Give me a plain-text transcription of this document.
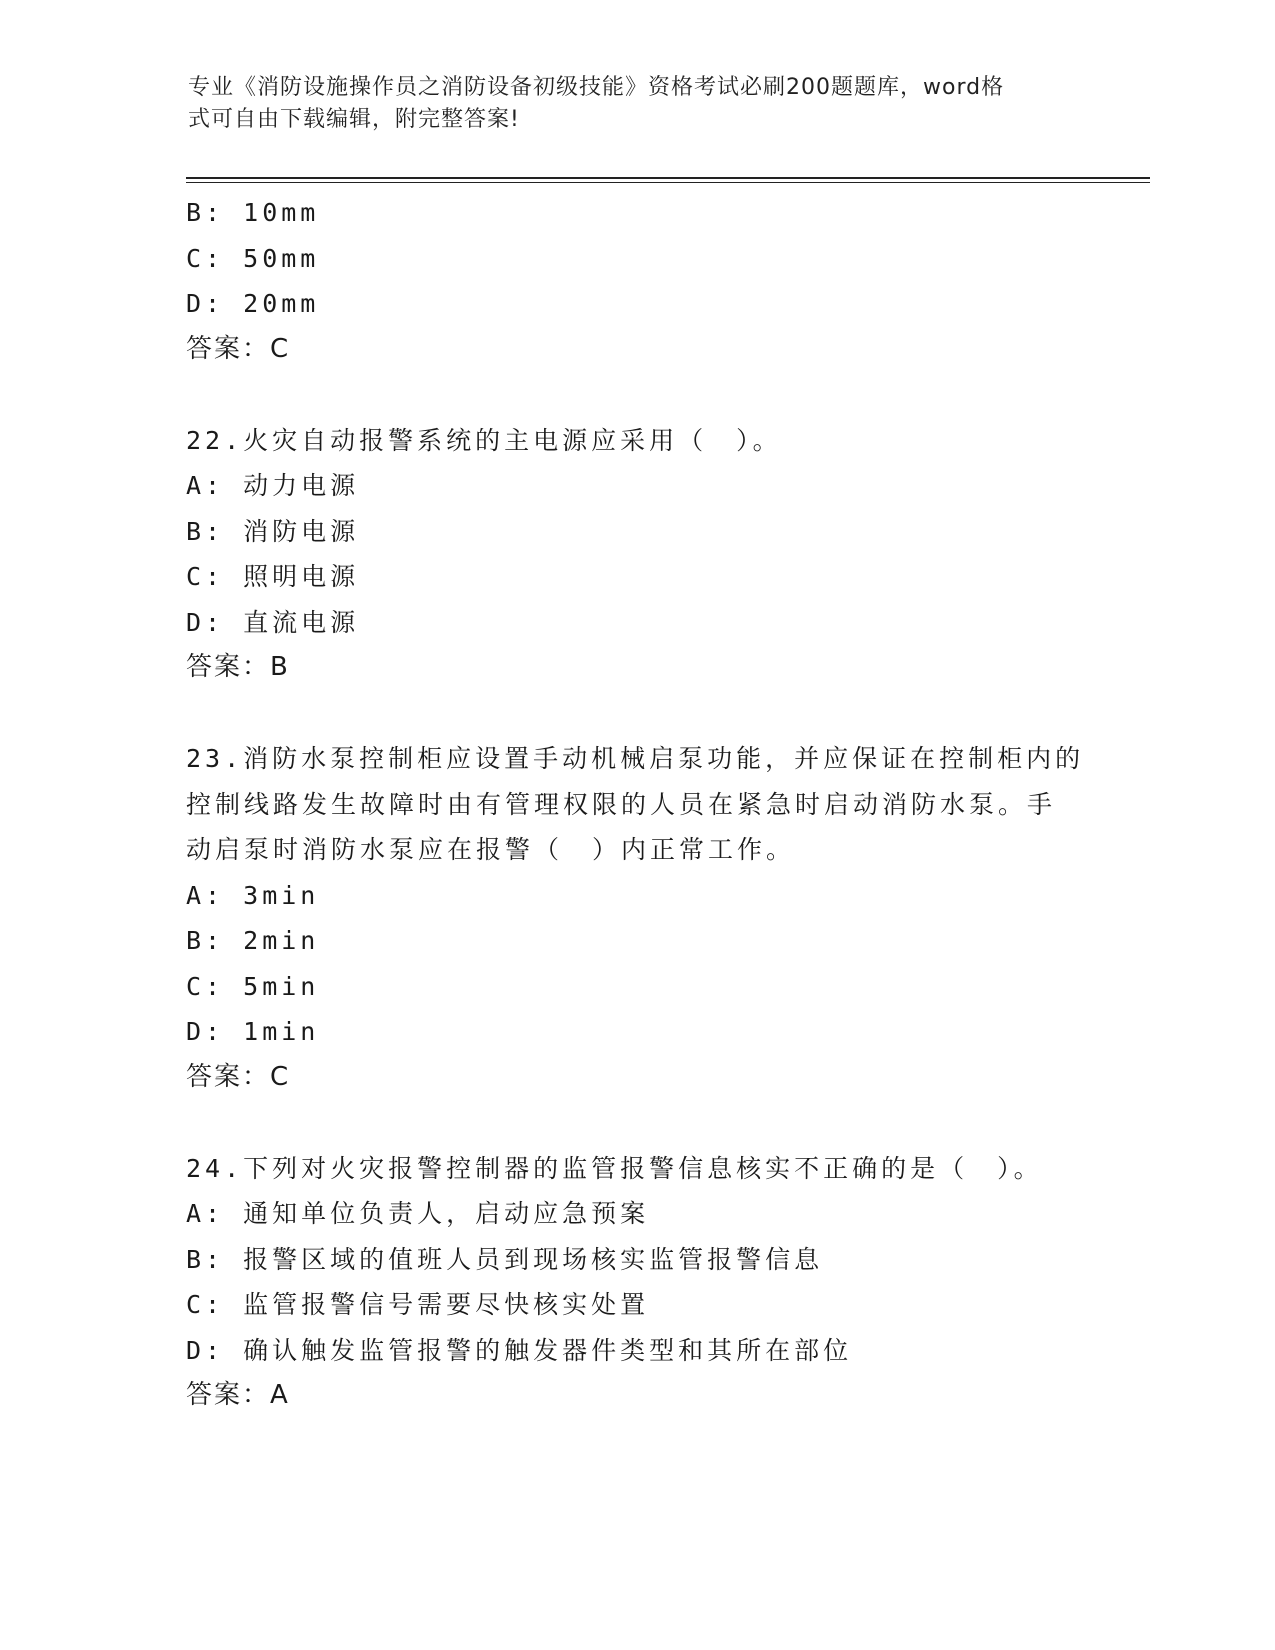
专业《消防设施操作员之消防设备初级技能》资格考试必刷200题题库，word格
式可自由下载编辑，附完整答案!
B: 10mm
C: 50mm
D: 20mm
答案：C
22.火灾自动报警系统的主电源应采用（　）。
A: 动力电源
B: 消防电源
C: 照明电源
D: 直流电源
答案：B
23.消防水泵控制柜应设置手动机械启泵功能，并应保证在控制柜内的
控制线路发生故障时由有管理权限的人员在紧急时启动消防水泵。手
动启泵时消防水泵应在报警（　）内正常工作。
A: 3min
B: 2min
C: 5min
D: 1min
答案：C
24.下列对火灾报警控制器的监管报警信息核实不正确的是（　）。
A: 通知单位负责人，启动应急预案
B: 报警区域的值班人员到现场核实监管报警信息
C: 监管报警信号需要尽快核实处置
D: 确认触发监管报警的触发器件类型和其所在部位
答案：A
